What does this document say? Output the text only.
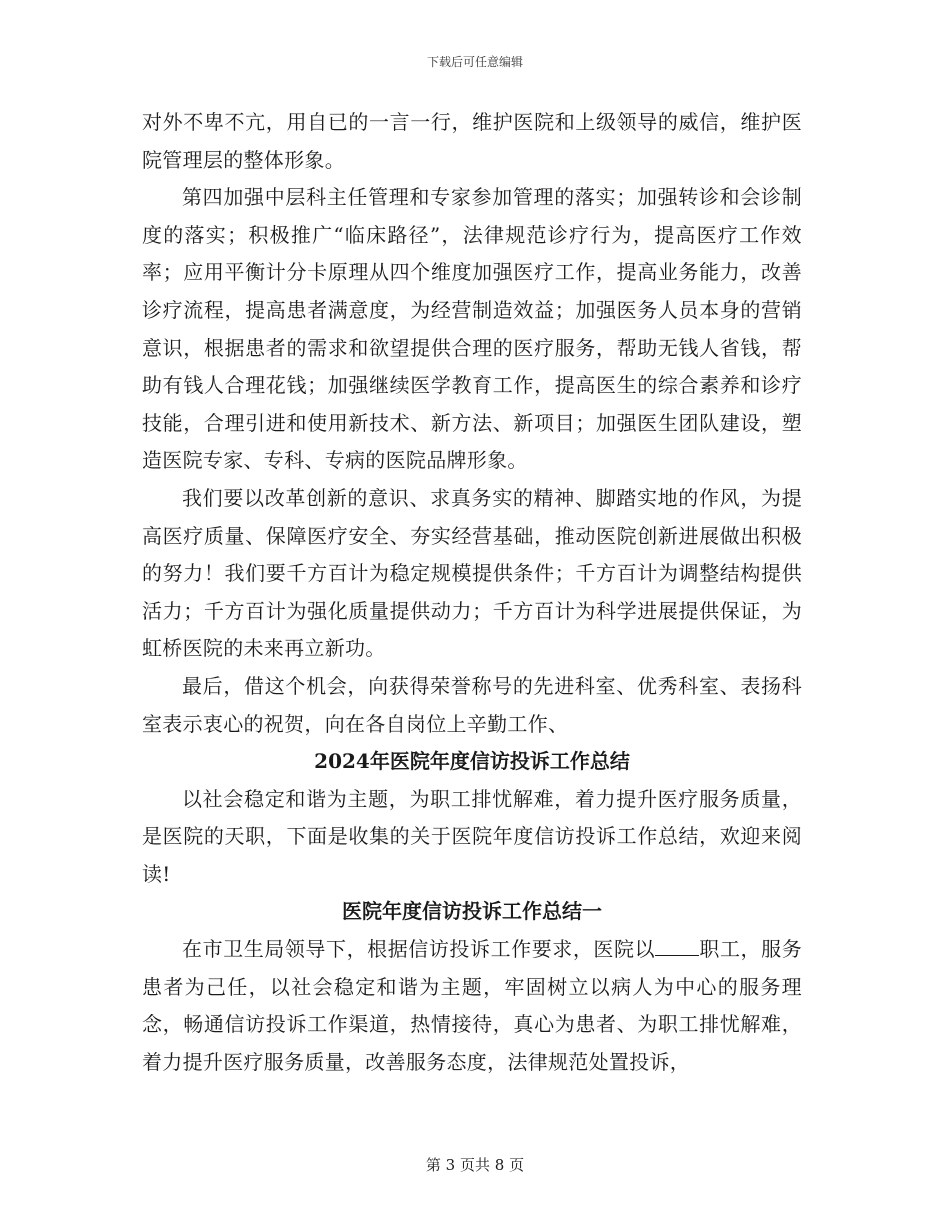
下载后可任意编辑

对外不卑不亢，用自已的一言一行，维护医院和上级领导的威信，维护医院管理层的整体形象。

第四加强中层科主任管理和专家参加管理的落实；加强转诊和会诊制度的落实；积极推广“临床路径”，法律规范诊疗行为，提高医疗工作效率；应用平衡计分卡原理从四个维度加强医疗工作，提高业务能力，改善诊疗流程，提高患者满意度，为经营制造效益；加强医务人员本身的营销意识，根据患者的需求和欲望提供合理的医疗服务，帮助无钱人省钱，帮助有钱人合理花钱；加强继续医学教育工作，提高医生的综合素养和诊疗技能，合理引进和使用新技术、新方法、新项目；加强医生团队建设，塑造医院专家、专科、专病的医院品牌形象。

我们要以改革创新的意识、求真务实的精神、脚踏实地的作风，为提高医疗质量、保障医疗安全、夯实经营基础，推动医院创新进展做出积极的努力！我们要千方百计为稳定规模提供条件；千方百计为调整结构提供活力；千方百计为强化质量提供动力；千方百计为科学进展提供保证，为虹桥医院的未来再立新功。

最后，借这个机会，向获得荣誉称号的先进科室、优秀科室、表扬科室表示衷心的祝贺，向在各自岗位上辛勤工作、

2024年医院年度信访投诉工作总结

以社会稳定和谐为主题，为职工排忧解难，着力提升医疗服务质量，是医院的天职，下面是收集的关于医院年度信访投诉工作总结，欢迎来阅读!

医院年度信访投诉工作总结一

在市卫生局领导下，根据信访投诉工作要求，医院以 职工，服务患者为己任，以社会稳定和谐为主题，牢固树立以病人为中心的服务理念，畅通信访投诉工作渠道，热情接待，真心为患者、为职工排忧解难，着力提升医疗服务质量，改善服务态度，法律规范处置投诉，

第 3 页共 8 页
